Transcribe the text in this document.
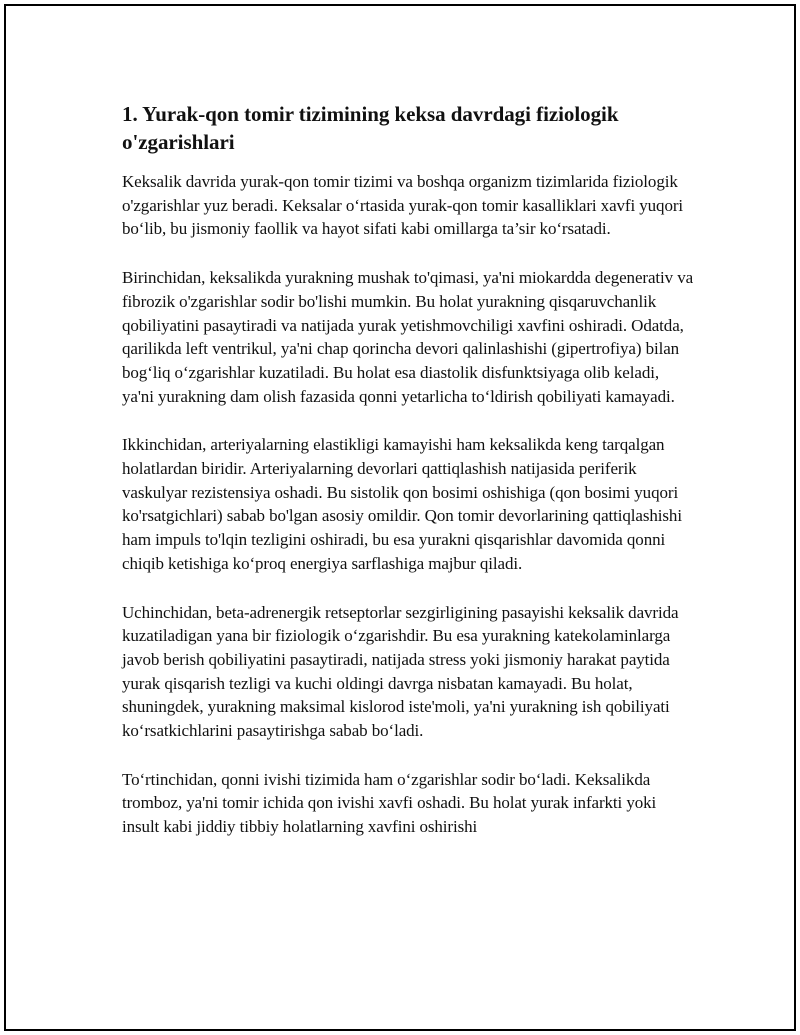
1. Yurak-qon tomir tizimining keksa davrdagi fiziologik o'zgarishlari

Keksalik davrida yurak-qon tomir tizimi va boshqa organizm tizimlarida fiziologik o'zgarishlar yuz beradi. Keksalar o‘rtasida yurak-qon tomir kasalliklari xavfi yuqori bo‘lib, bu jismoniy faollik va hayot sifati kabi omillarga ta’sir ko‘rsatadi.

Birinchidan, keksalikda yurakning mushak to'qimasi, ya'ni miokardda degenerativ va fibrozik o'zgarishlar sodir bo'lishi mumkin. Bu holat yurakning qisqaruvchanlik qobiliyatini pasaytiradi va natijada yurak yetishmovchiligi xavfini oshiradi. Odatda, qarilikda left ventrikul, ya'ni chap qorincha devori qalinlashishi (gipertrofiya) bilan bog‘liq o‘zgarishlar kuzatiladi. Bu holat esa diastolik disfunktsiyaga olib keladi, ya'ni yurakning dam olish fazasida qonni yetarlicha to‘ldirish qobiliyati kamayadi.

Ikkinchidan, arteriyalarning elastikligi kamayishi ham keksalikda keng tarqalgan holatlardan biridir. Arteriyalarning devorlari qattiqlashish natijasida periferik vaskulyar rezistensiya oshadi. Bu sistolik qon bosimi oshishiga (qon bosimi yuqori ko'rsatgichlari) sabab bo'lgan asosiy omildir. Qon tomir devorlarining qattiqlashishi ham impuls to'lqin tezligini oshiradi, bu esa yurakni qisqarishlar davomida qonni chiqib ketishiga ko‘proq energiya sarflashiga majbur qiladi.

Uchinchidan, beta-adrenergik retseptorlar sezgirligining pasayishi keksalik davrida kuzatiladigan yana bir fiziologik o‘zgarishdir. Bu esa yurakning katekolaminlarga javob berish qobiliyatini pasaytiradi, natijada stress yoki jismoniy harakat paytida yurak qisqarish tezligi va kuchi oldingi davrga nisbatan kamayadi. Bu holat, shuningdek, yurakning maksimal kislorod iste'moli, ya'ni yurakning ish qobiliyati ko‘rsatkichlarini pasaytirishga sabab bo‘ladi.

To‘rtinchidan, qonni ivishi tizimida ham o‘zgarishlar sodir bo‘ladi. Keksalikda tromboz, ya'ni tomir ichida qon ivishi xavfi oshadi. Bu holat yurak infarkti yoki insult kabi jiddiy tibbiy holatlarning xavfini oshirishi
